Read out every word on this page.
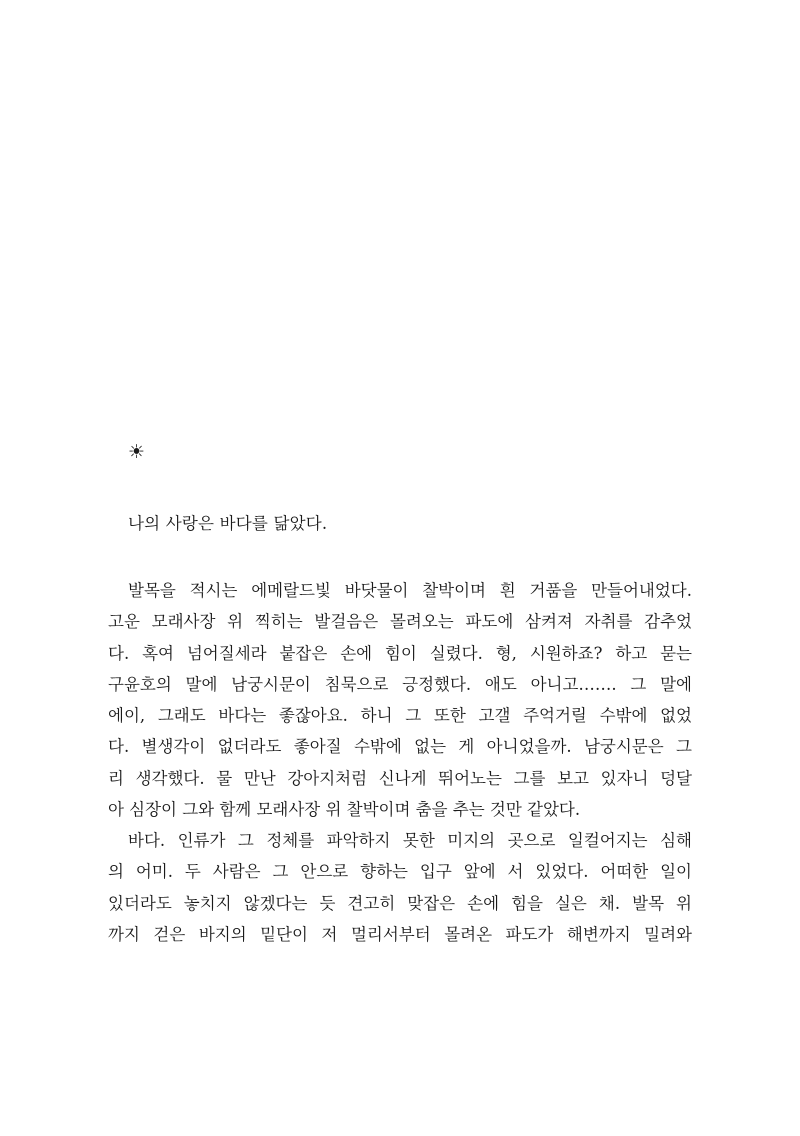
☀
나의 사랑은 바다를 닮았다.
발목을 적시는 에메랄드빛 바닷물이 찰박이며 흰 거품을 만들어내었다.
고운 모래사장 위 찍히는 발걸음은 몰려오는 파도에 삼켜져 자취를 감추었
다. 혹여 넘어질세라 붙잡은 손에 힘이 실렸다. 형, 시원하죠? 하고 묻는
구윤호의 말에 남궁시문이 침묵으로 긍정했다. 애도 아니고……. 그 말에
에이, 그래도 바다는 좋잖아요. 하니 그 또한 고갤 주억거릴 수밖에 없었
다. 별생각이 없더라도 좋아질 수밖에 없는 게 아니었을까. 남궁시문은 그
리 생각했다. 물 만난 강아지처럼 신나게 뛰어노는 그를 보고 있자니 덩달
아 심장이 그와 함께 모래사장 위 찰박이며 춤을 추는 것만 같았다.
바다. 인류가 그 정체를 파악하지 못한 미지의 곳으로 일컬어지는 심해
의 어미. 두 사람은 그 안으로 향하는 입구 앞에 서 있었다. 어떠한 일이
있더라도 놓치지 않겠다는 듯 견고히 맞잡은 손에 힘을 실은 채. 발목 위
까지 걷은 바지의 밑단이 저 멀리서부터 몰려온 파도가 해변까지 밀려와
